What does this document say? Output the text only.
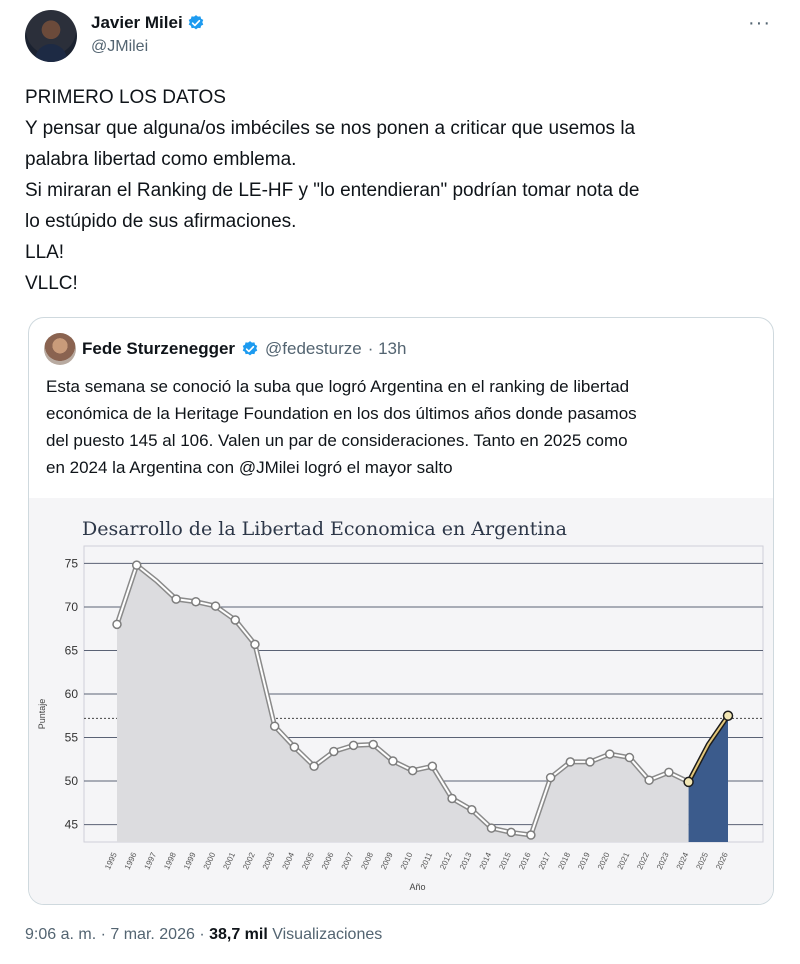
Javier Milei
@JMilei
···
PRIMERO LOS DATOS
Y pensar que alguna/os imbéciles se nos ponen a criticar que usemos la
palabra libertad como emblema.
Si miraran el Ranking de LE-HF y "lo entendieran" podrían tomar nota de
lo estúpido de sus afirmaciones.
LLA!
VLLC!
Fede Sturzenegger @fedesturze · 13h
Esta semana se conoció la suba que logró Argentina en el ranking de libertad
económica de la Heritage Foundation en los dos últimos años donde pasamos
del puesto 145 al 106. Valen un par de consideraciones. Tanto en 2025 como
en 2024 la Argentina con @JMilei logró el mayor salto
Desarrollo de la Libertad Economica en Argentina
45
50
55
60
65
70
75
1995 1996 1997 1998 1999 2000 2001 2002 2003 2004 2005 2006 2007 2008 2009 2010 2011 2012 2013 2014 2015 2016 2017 2018 2019 2020 2021 2022 2023 2024 2025 2026
Año
Puntaje
9:06 a. m. · 7 mar. 2026 · 38,7 mil Visualizaciones
